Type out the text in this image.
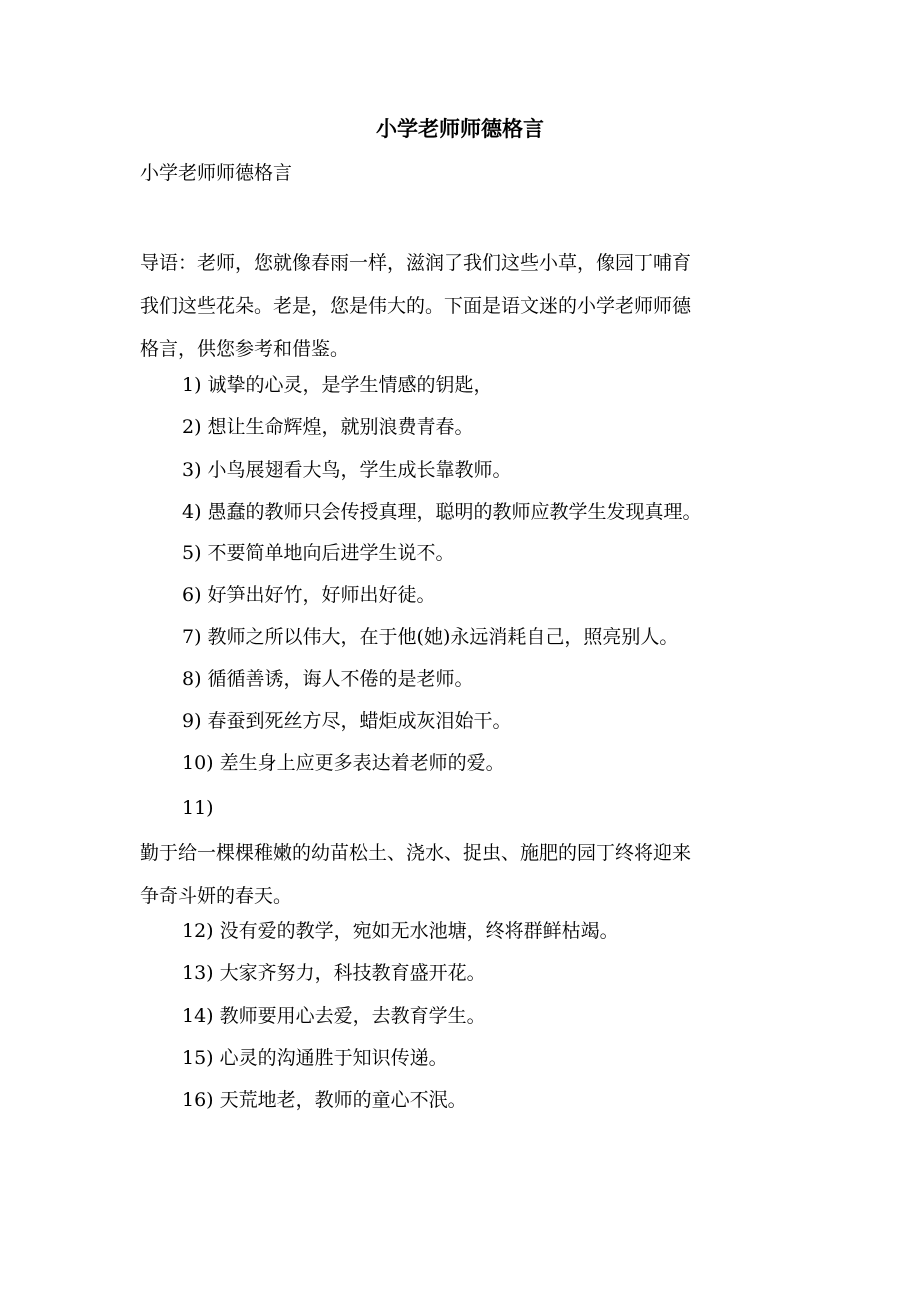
小学老师师德格言
小学老师师德格言
导语：老师，您就像春雨一样，滋润了我们这些小草，像园丁哺育
我们这些花朵。老是，您是伟大的。下面是语文迷的小学老师师德
格言，供您参考和借鉴。
1) 诚挚的心灵，是学生情感的钥匙，
2) 想让生命辉煌，就别浪费青春。
3) 小鸟展翅看大鸟，学生成长靠教师。
4) 愚蠢的教师只会传授真理，聪明的教师应教学生发现真理。
5) 不要简单地向后进学生说不。
6) 好笋出好竹，好师出好徒。
7) 教师之所以伟大，在于他(她)永远消耗自己，照亮别人。
8) 循循善诱，诲人不倦的是老师。
9) 春蚕到死丝方尽，蜡炬成灰泪始干。
10) 差生身上应更多表达着老师的爱。
11)
勤于给一棵棵稚嫩的幼苗松土、浇水、捉虫、施肥的园丁终将迎来
争奇斗妍的春天。
12) 没有爱的教学，宛如无水池塘，终将群鲜枯竭。
13) 大家齐努力，科技教育盛开花。
14) 教师要用心去爱，去教育学生。
15) 心灵的沟通胜于知识传递。
16) 天荒地老，教师的童心不泯。
